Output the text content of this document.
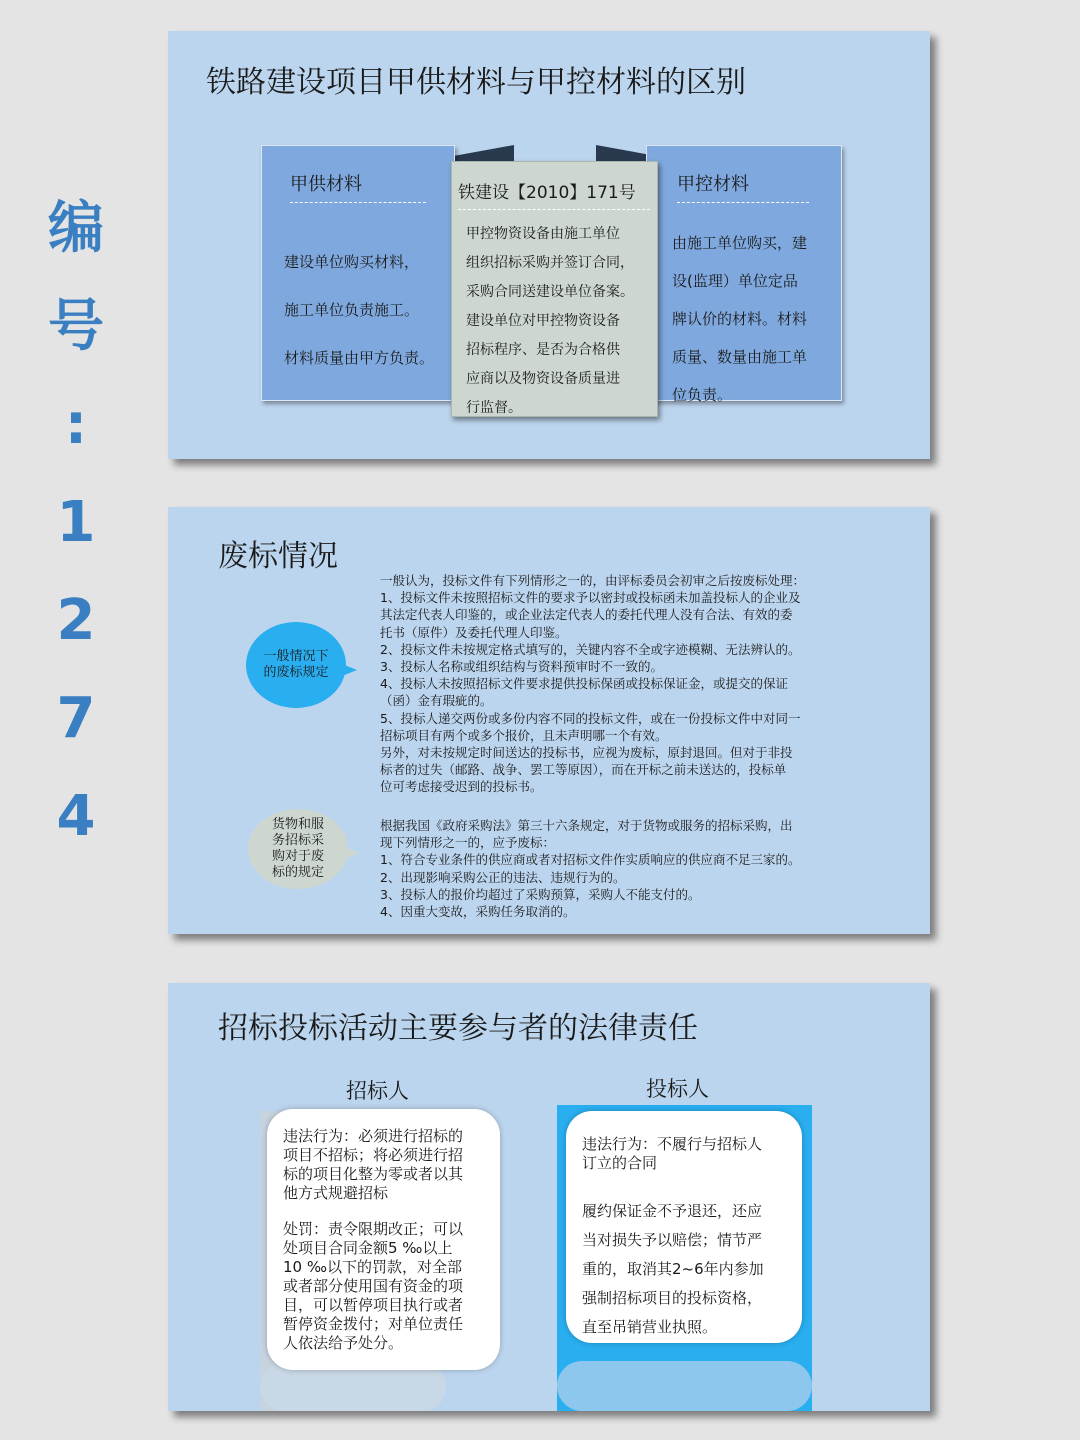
编
号
:
1
2
7
4
铁路建设项目甲供材料与甲控材料的区别
甲供材料
建设单位购买材料，
施工单位负责施工。
材料质量由甲方负责。
甲控材料
由施工单位购买，建
设(监理）单位定品
牌认价的材料。材料
质量、数量由施工单
位负责。
铁建设【2010】171号
甲控物资设备由施工单位
组织招标采购并签订合同，
采购合同送建设单位备案。
建设单位对甲控物资设备
招标程序、是否为合格供
应商以及物资设备质量进
行监督。
废标情况
一般情况下
的废标规定
一般认为，投标文件有下列情形之一的，由评标委员会初审之后按废标处理：
1、投标文件未按照招标文件的要求予以密封或投标函未加盖投标人的企业及
其法定代表人印鉴的，或企业法定代表人的委托代理人没有合法、有效的委
托书（原件）及委托代理人印鉴。
2、投标文件未按规定格式填写的，关键内容不全或字迹模糊、无法辨认的。
3、投标人名称或组织结构与资料预审时不一致的。
4、投标人未按照招标文件要求提供投标保函或投标保证金，或提交的保证
（函）金有瑕疵的。
5、投标人递交两份或多份内容不同的投标文件，或在一份投标文件中对同一
招标项目有两个或多个报价，且未声明哪一个有效。
另外，对未按规定时间送达的投标书，应视为废标，原封退回。但对于非投
标者的过失（邮路、战争、罢工等原因），而在开标之前未送达的，投标单
位可考虑接受迟到的投标书。
货物和服
务招标采
购对于废
标的规定
根据我国《政府采购法》第三十六条规定，对于货物或服务的招标采购，出
现下列情形之一的，应予废标：
1、符合专业条件的供应商或者对招标文件作实质响应的供应商不足三家的。
2、出现影响采购公正的违法、违规行为的。
3、投标人的报价均超过了采购预算，采购人不能支付的。
4、因重大变故，采购任务取消的。
招标投标活动主要参与者的法律责任
招标人	投标人
违法行为：必须进行招标的
项目不招标；将必须进行招
标的项目化整为零或者以其
他方式规避招标
处罚：责令限期改正；可以
处项目合同金额5 ‰以上
10 ‰以下的罚款，对全部
或者部分使用国有资金的项
目，可以暂停项目执行或者
暂停资金拨付；对单位责任
人依法给予处分。
违法行为：不履行与招标人
订立的合同
履约保证金不予退还，还应
当对损失予以赔偿；情节严
重的，取消其2~6年内参加
强制招标项目的投标资格，
直至吊销营业执照。
